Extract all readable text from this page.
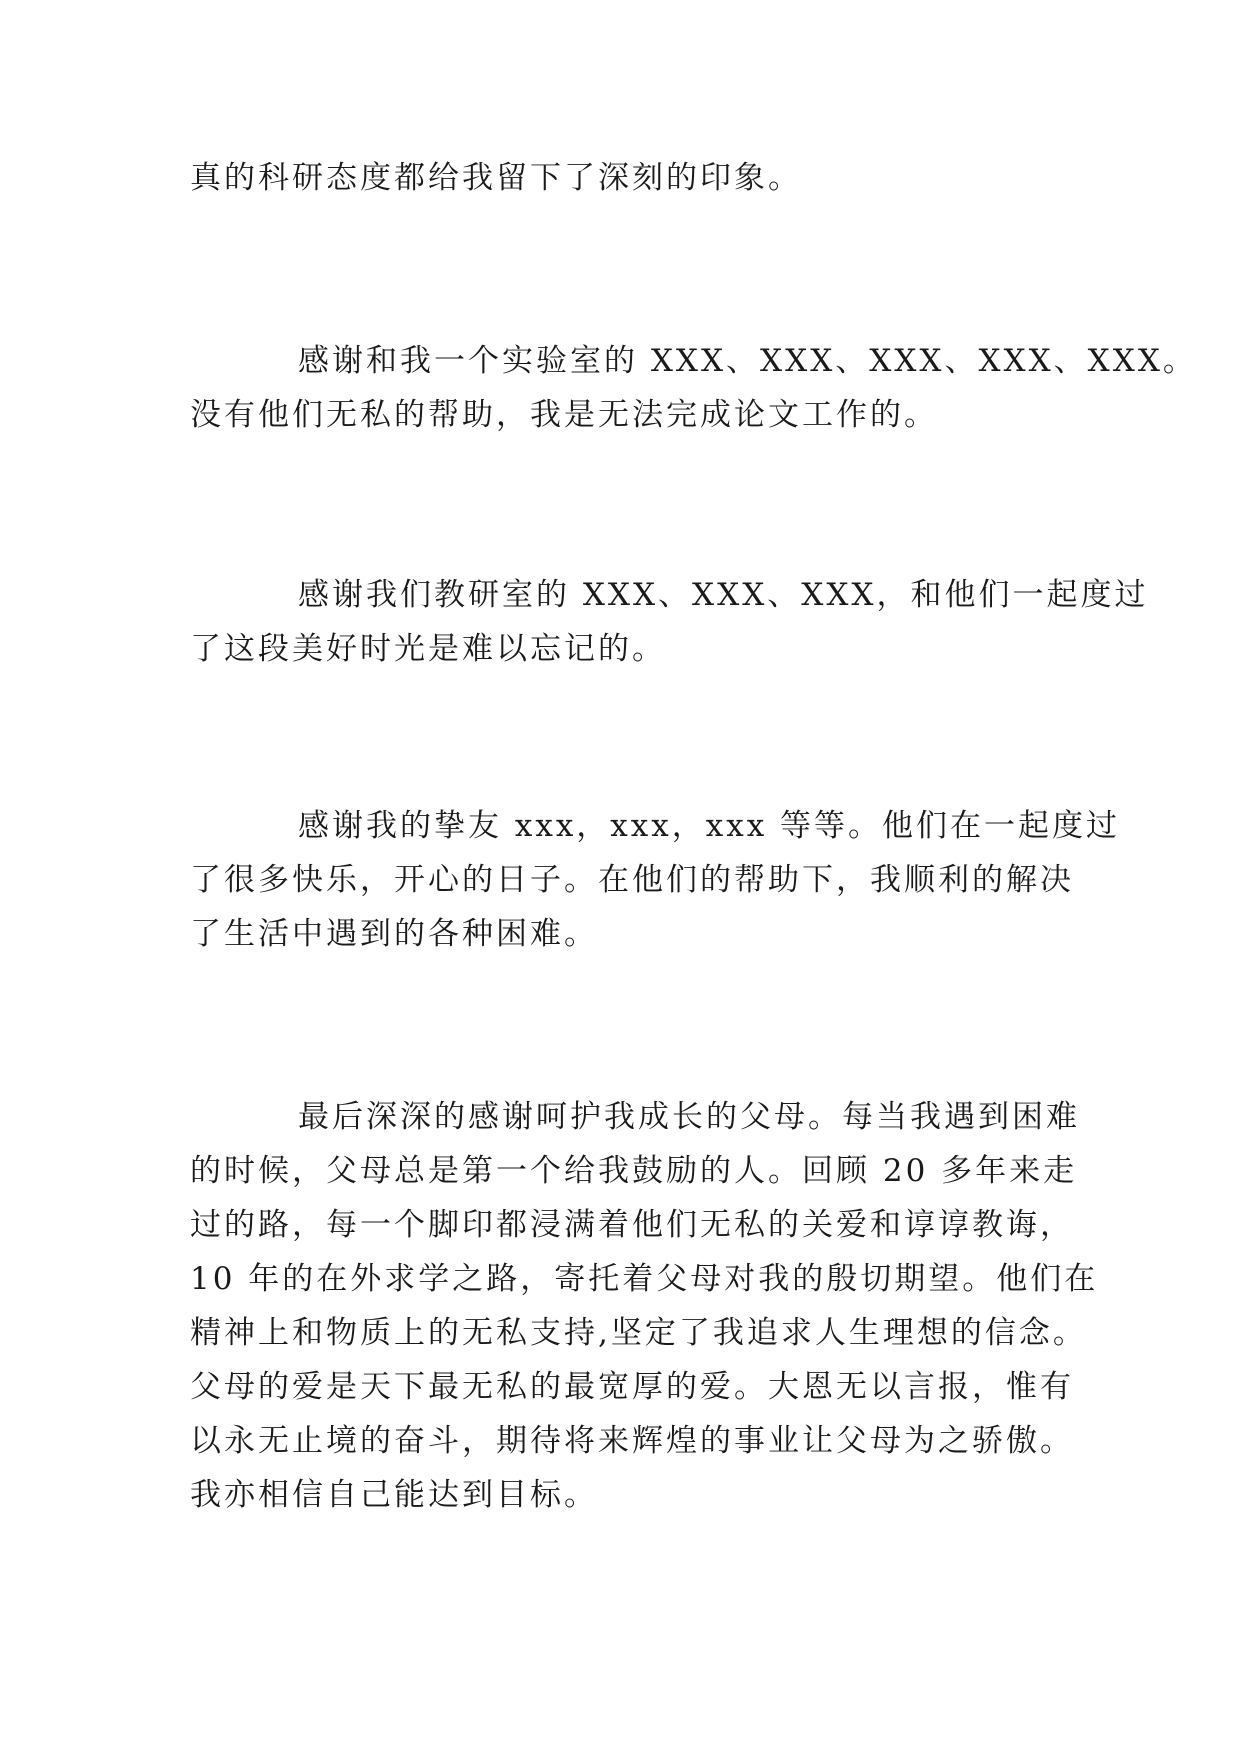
真的科研态度都给我留下了深刻的印象。
感谢和我一个实验室的 XXX、XXX、XXX、XXX、XXX。
没有他们无私的帮助，我是无法完成论文工作的。
感谢我们教研室的 XXX、XXX、XXX，和他们一起度过
了这段美好时光是难以忘记的。
感谢我的挚友 xxx，xxx，xxx 等等。他们在一起度过
了很多快乐，开心的日子。在他们的帮助下，我顺利的解决
了生活中遇到的各种困难。
最后深深的感谢呵护我成长的父母。每当我遇到困难
的时候，父母总是第一个给我鼓励的人。回顾 20 多年来走
过的路，每一个脚印都浸满着他们无私的关爱和谆谆教诲，
10 年的在外求学之路，寄托着父母对我的殷切期望。他们在
精神上和物质上的无私支持,坚定了我追求人生理想的信念。
父母的爱是天下最无私的最宽厚的爱。大恩无以言报，惟有
以永无止境的奋斗，期待将来辉煌的事业让父母为之骄傲。
我亦相信自己能达到目标。
